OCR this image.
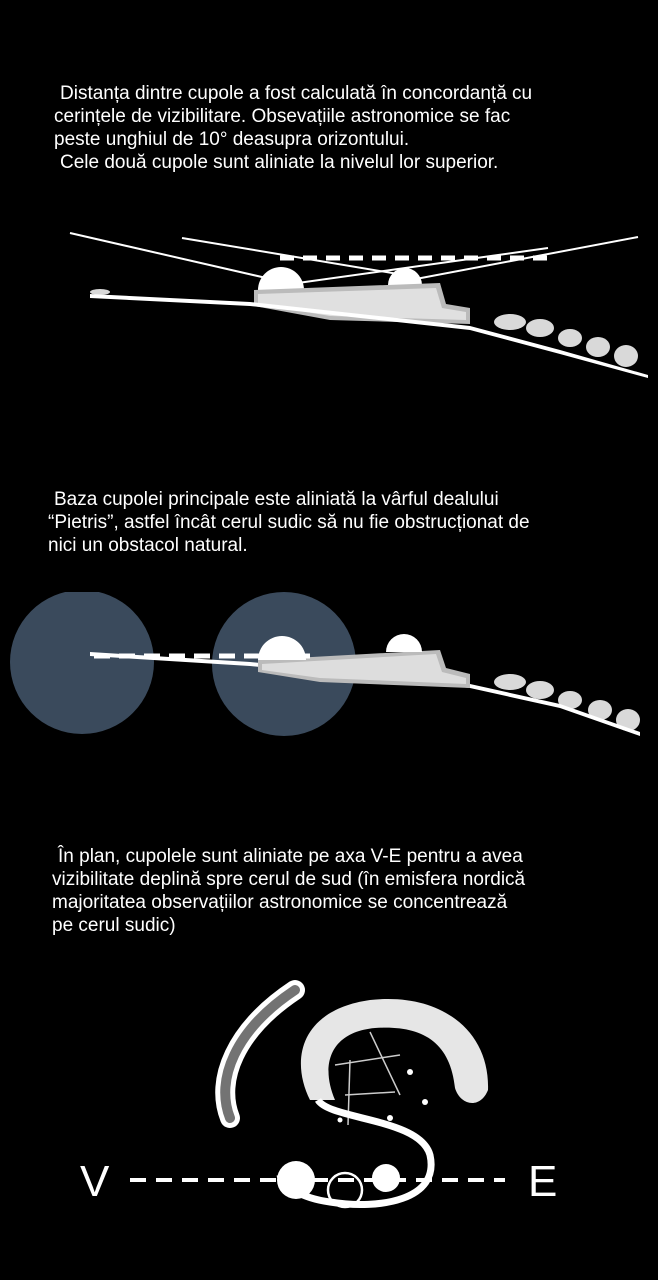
Distanța dintre cupole a fost calculată în concordanță cu
cerințele de vizibilitare. Obsevațiile astronomice se fac
peste unghiul de 10° deasupra orizontului.
Cele două cupole sunt aliniate la nivelul lor superior.
Baza cupolei principale este aliniată la vârful dealului
“Pietris”, astfel încât cerul sudic să nu fie obstrucționat de
nici un obstacol natural.
În plan, cupolele sunt aliniate pe axa V-E pentru a avea
vizibilitate deplină spre cerul de sud (în emisfera nordică
majoritatea observațiilor astronomice se concentrează
pe cerul sudic)
V	E
